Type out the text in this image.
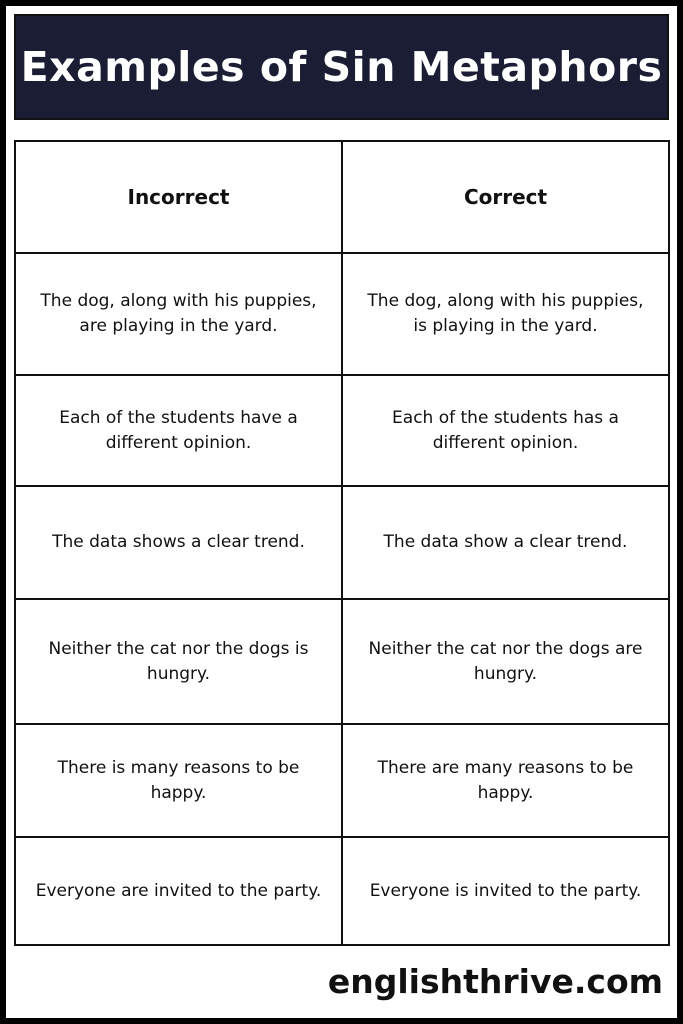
Examples of Sin Metaphors
Incorrect	Correct
The dog, along with his puppies, are playing in the yard.	The dog, along with his puppies, is playing in the yard.
Each of the students have a different opinion.	Each of the students has a different opinion.
The data shows a clear trend.	The data show a clear trend.
Neither the cat nor the dogs is hungry.	Neither the cat nor the dogs are hungry.
There is many reasons to be happy.	There are many reasons to be happy.
Everyone are invited to the party.	Everyone is invited to the party.
englishthrive.com
